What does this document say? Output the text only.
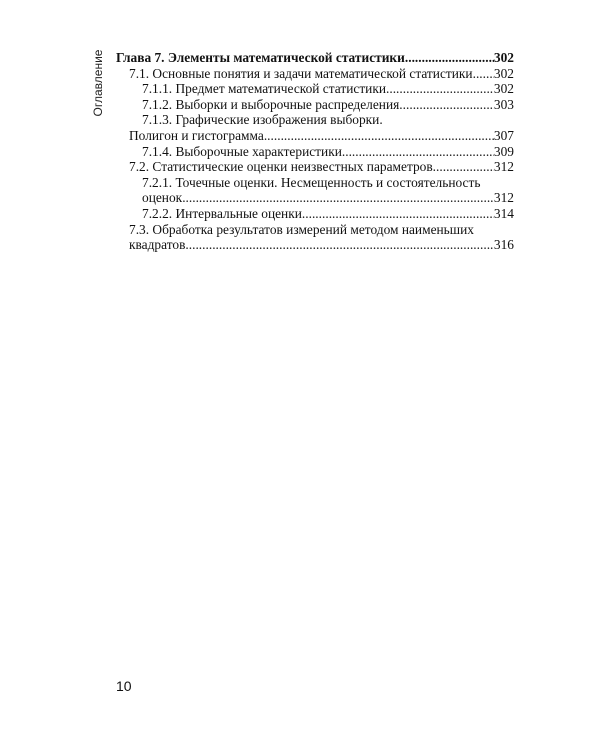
Оглавление Глава 7. Элементы математической статистики .....	302
7.1. Основные понятия и задачи математической статистики ..... 302
7.1.1. Предмет математической статистики .....	302
7.1.2. Выборки и выборочные распределения .....	303
7.1.3. Графические изображения выборки.
Полигон и гистограмма .....	307
7.1.4. Выборочные характеристики .....	309
7.2. Статистические оценки неизвестных параметров .....	312
7.2.1. Точечные оценки. Несмещенность и состоятельность
оценок .....	312
7.2.2. Интервальные оценки .....	314
7.3. Обработка результатов измерений методом наименьших
квадратов .....	316
10
